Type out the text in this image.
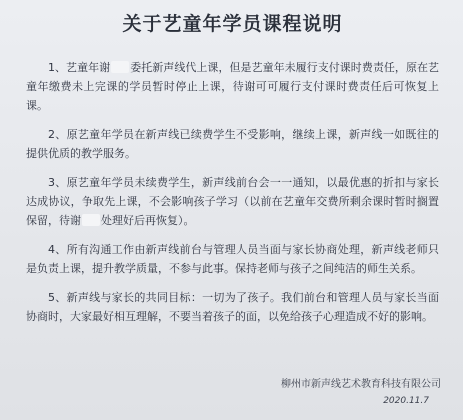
关于艺童年学员课程说明

1、艺童年谢 委托新声线代上课，但是艺童年未履行支付课时费责任，原在艺童年缴费未上完课的学员暂时停止上课，待谢可可履行支付课时费责任后可恢复上课。

2、原艺童年学员在新声线已续费学生不受影响，继续上课，新声线一如既往的提供优质的教学服务。

3、原艺童年学员未续费学生，新声线前台会一一通知，以最优惠的折扣与家长达成协议，争取先上课，不会影响孩子学习（以前在艺童年交费所剩余课时暂时搁置保留，待谢 处理好后再恢复）。

4、所有沟通工作由新声线前台与管理人员当面与家长协商处理，新声线老师只是负责上课，提升教学质量，不参与此事。保持老师与孩子之间纯洁的师生关系。

5、新声线与家长的共同目标：一切为了孩子。我们前台和管理人员与家长当面协商时，大家最好相互理解，不要当着孩子的面，以免给孩子心理造成不好的影响。

柳州市新声线艺术教育科技有限公司
2020.11.7
